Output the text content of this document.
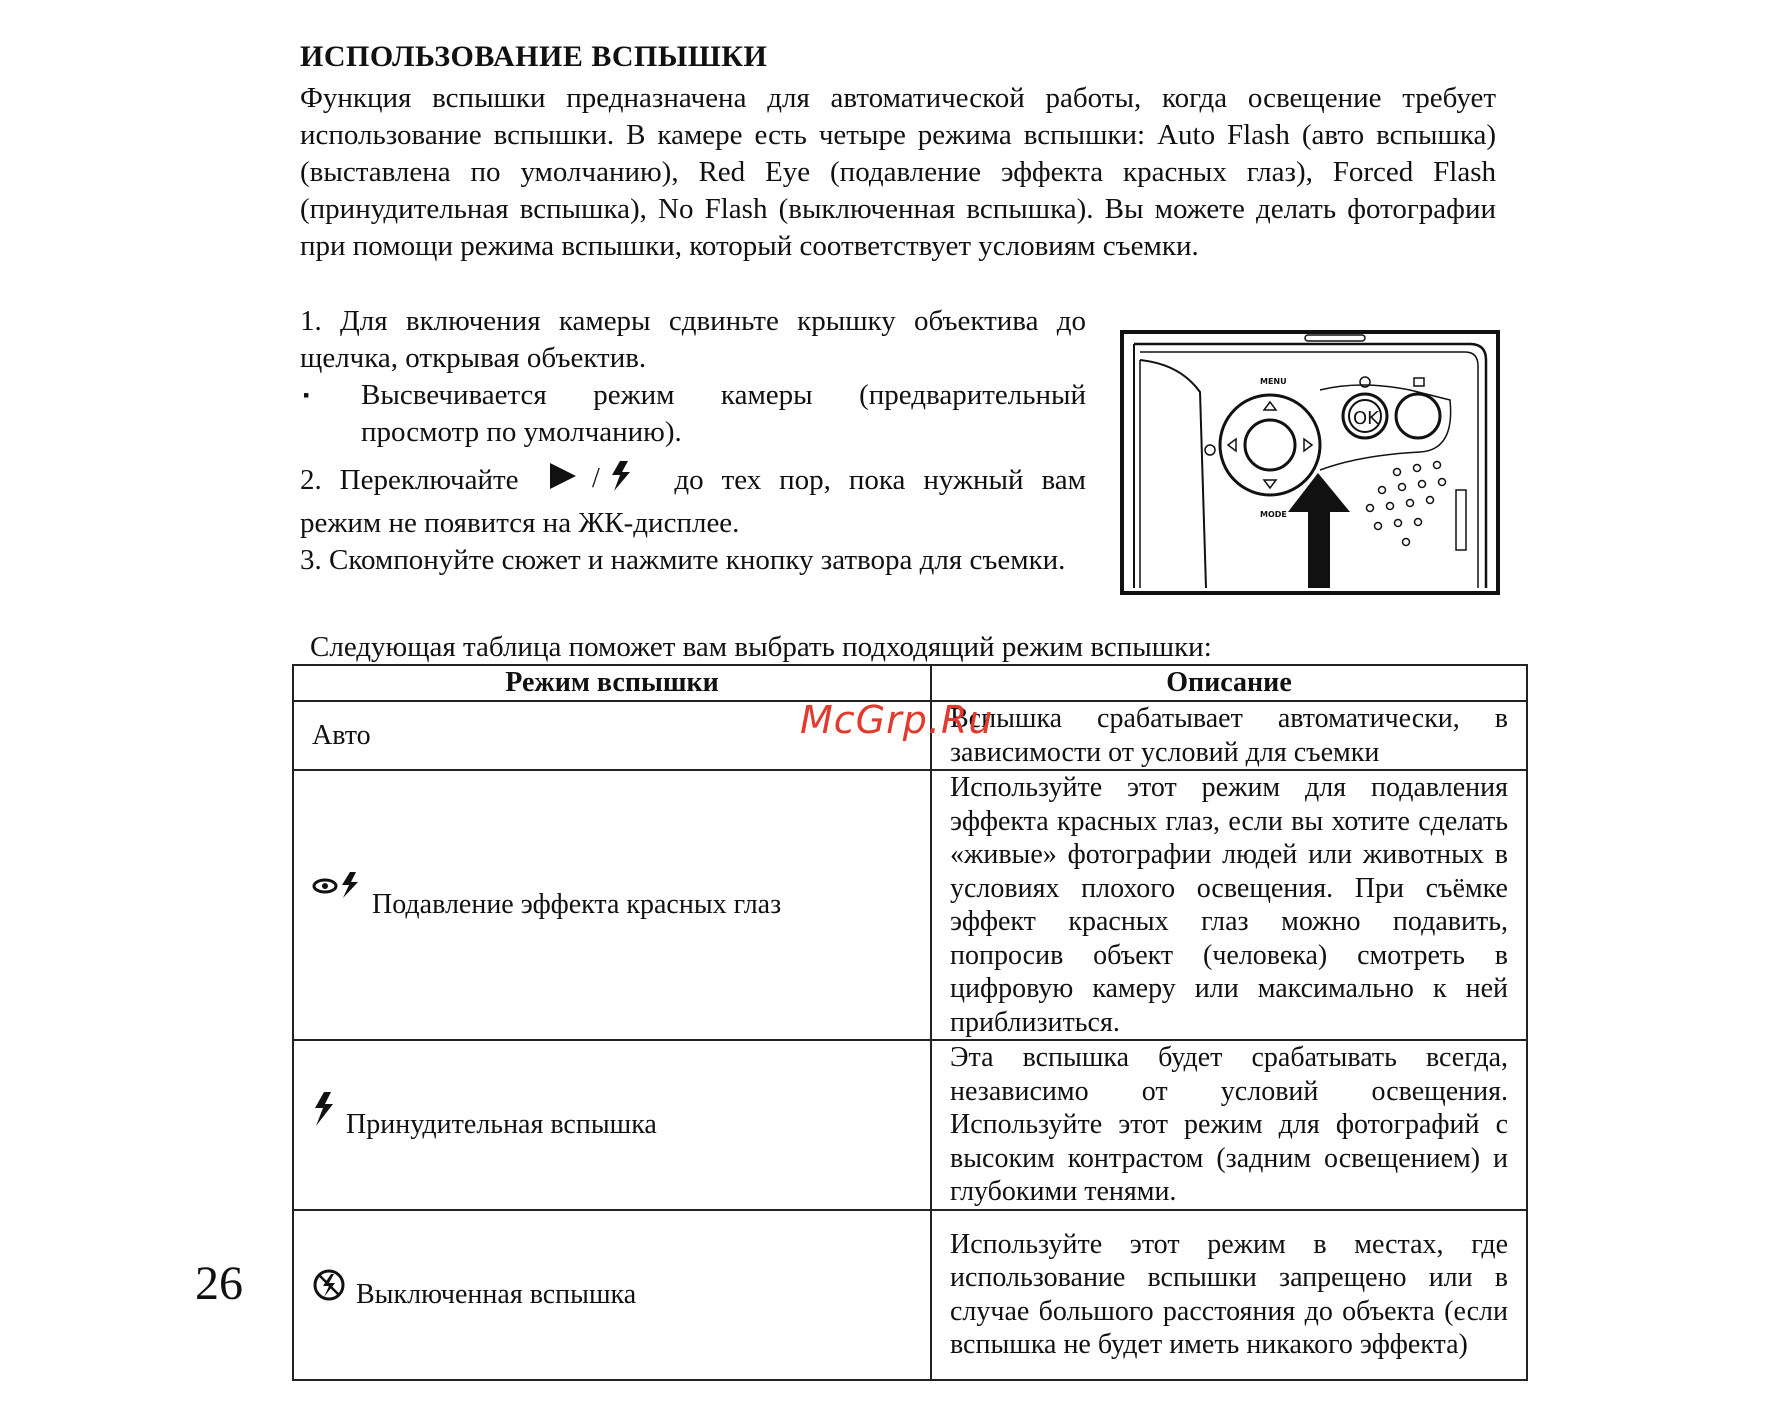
ИСПОЛЬЗОВАНИЕ ВСПЫШКИ

Функция вспышки предназначена для автоматической работы, когда освещение требует использование вспышки. В камере есть четыре режима вспышки: Auto Flash (авто вспышка) (выставлена по умолчанию), Red Eye (подавление эффекта красных глаз), Forced Flash (принудительная вспышка), No Flash (выключенная вспышка). Вы можете делать фотографии при помощи режима вспышки, который соответствует условиям съемки.

1. Для включения камеры сдвиньте крышку объектива до щелчка, открывая объектив.

▪	Высвечивается режим камеры (предварительный просмотр по умолчанию).

2. Переключайте	/	до тех пор, пока нужный вам режим не появится на ЖК-дисплее.

3. Скомпонуйте сюжет и нажмите кнопку затвора для съемки.

MENU
MODE
OK

Следующая таблица поможет вам выбрать подходящий режим вспышки:

Режим вспышки	Описание
Авто	Вспышка срабатывает автоматически, в зависимости от условий для съемки

Подавление эффекта красных глаз	Используйте этот режим для подавления эффекта красных глаз, если вы хотите сделать «живые» фотографии людей или животных в условиях плохого освещения. При съёмке эффект красных глаз можно подавить, попросив объект (человека) смотреть в цифровую камеру или максимально к ней приблизиться.

Принудительная вспышка	Эта вспышка будет срабатывать всегда, независимо от условий освещения. Используйте этот режим для фотографий с высоким контрастом (задним освещением) и глубокими тенями.

Выключенная вспышка	Используйте этот режим в местах, где использование вспышки запрещено или в случае большого расстояния до объекта (если вспышка не будет иметь никакого эффекта)

26

McGrp.Ru
